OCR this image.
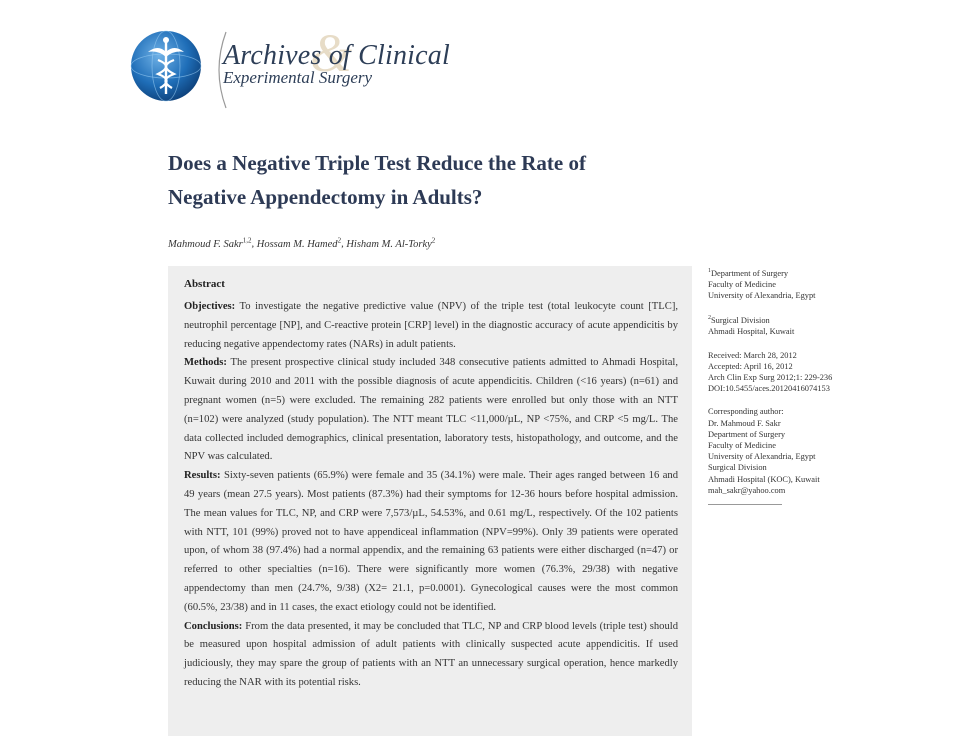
&
Archives of Clinical
Experimental Surgery
Does a Negative Triple Test Reduce the Rate of
Negative Appendectomy in Adults?
Mahmoud F. Sakr$^{1,2}$, Hossam M. Hamed$^2$, Hisham M. Al-Torky$^2$
Abstract

Objectives: To investigate the negative predictive value (NPV) of the triple test (total leukocyte count [TLC], neutrophil percentage [NP], and C-reactive protein [CRP] level) in the diagnostic accuracy of acute appendicitis by reducing negative appendectomy rates (NARs) in adult patients.

Methods: The present prospective clinical study included 348 consecutive patients admitted to Ahmadi Hospital, Kuwait during 2010 and 2011 with the possible diagnosis of acute appendicitis. Children (<16 years) (n=61) and pregnant women (n=5) were excluded. The remaining 282 patients were enrolled but only those with an NTT (n=102) were analyzed (study population). The NTT meant TLC <11,000/µL, NP <75%, and CRP <5 mg/L. The data collected included demographics, clinical presentation, laboratory tests, histopathology, and outcome, and the NPV was calculated.

Results: Sixty-seven patients (65.9%) were female and 35 (34.1%) were male. Their ages ranged between 16 and 49 years (mean 27.5 years). Most patients (87.3%) had their symptoms for 12-36 hours before hospital admission. The mean values for TLC, NP, and CRP were 7,573/µL, 54.53%, and 0.61 mg/L, respectively. Of the 102 patients with NTT, 101 (99%) proved not to have appendiceal inflammation (NPV=99%). Only 39 patients were operated upon, of whom 38 (97.4%) had a normal appendix, and the remaining 63 patients were either discharged (n=47) or referred to other specialties (n=16). There were significantly more women (76.3%, 29/38) with negative appendectomy than men (24.7%, 9/38) (X2= 21.1, p=0.0001). Gynecological causes were the most common (60.5%, 23/38) and in 11 cases, the exact etiology could not be identified.

Conclusions: From the data presented, it may be concluded that TLC, NP and CRP blood levels (triple test) should be measured upon hospital admission of adult patients with clinically suspected acute appendicitis. If used judiciously, they may spare the group of patients with an NTT an unnecessary surgical operation, hence markedly reducing the NAR with its potential risks.

$^1$Department of Surgery
Faculty of Medicine
University of Alexandria, Egypt
$^2$Surgical Division
Ahmadi Hospital, Kuwait
Received: March 28, 2012
Accepted: April 16, 2012
Arch Clin Exp Surg 2012;1: 229-236
DOI:10.5455/aces.20120416074153
Corresponding author:
Dr. Mahmoud F. Sakr
Department of Surgery
Faculty of Medicine
University of Alexandria, Egypt
Surgical Division
Ahmadi Hospital (KOC), Kuwait
mah_sakr@yahoo.com
